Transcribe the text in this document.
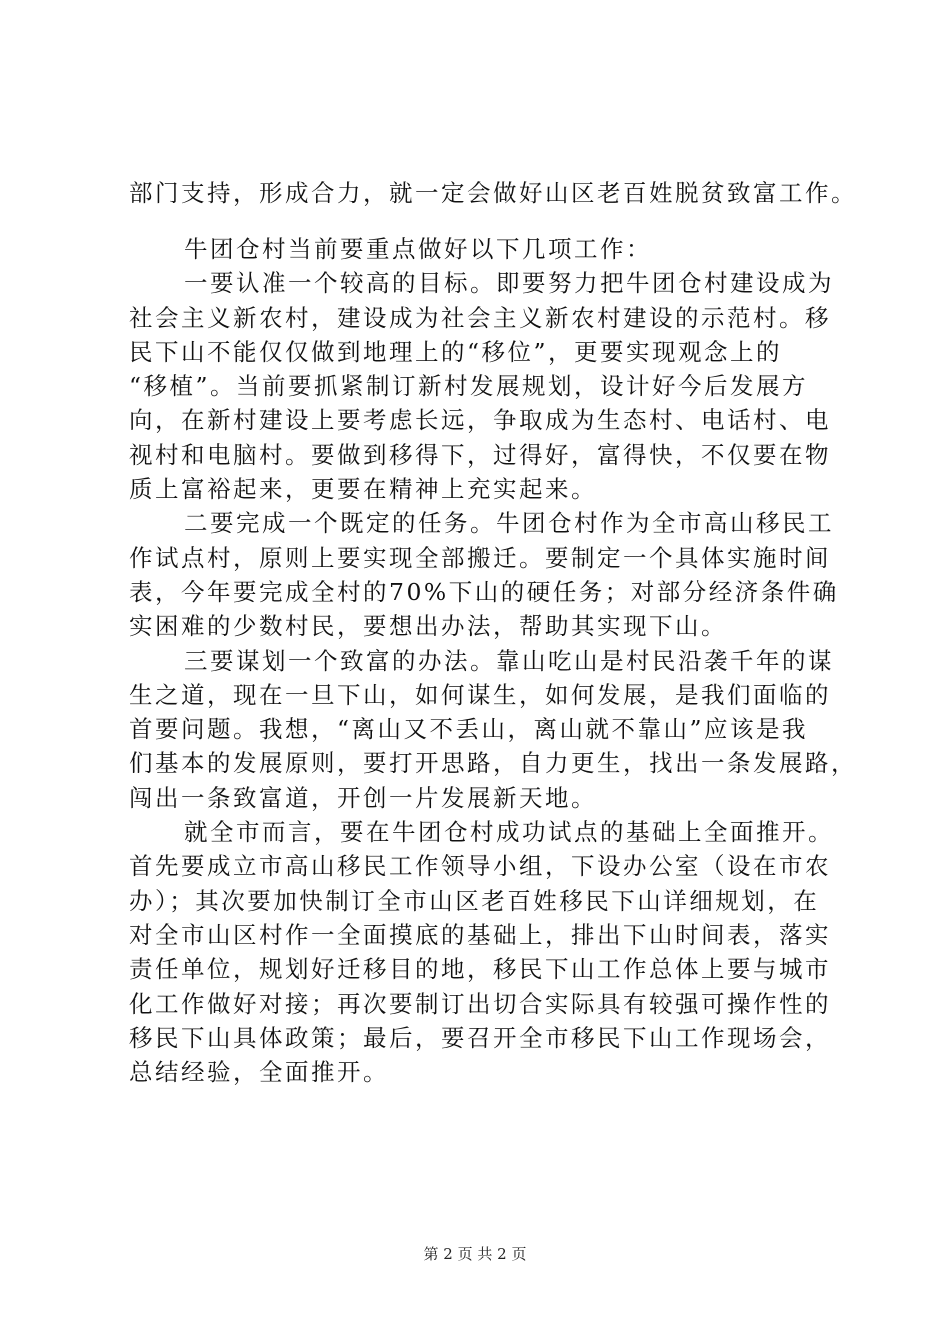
部门支持，形成合力，就一定会做好山区老百姓脱贫致富工作。
牛团仓村当前要重点做好以下几项工作：
一要认准一个较高的目标。即要努力把牛团仓村建设成为
社会主义新农村，建设成为社会主义新农村建设的示范村。移
民下山不能仅仅做到地理上的“移位”，更要实现观念上的
“移植”。当前要抓紧制订新村发展规划，设计好今后发展方
向，在新村建设上要考虑长远，争取成为生态村、电话村、电
视村和电脑村。要做到移得下，过得好，富得快，不仅要在物
质上富裕起来，更要在精神上充实起来。
二要完成一个既定的任务。牛团仓村作为全市高山移民工
作试点村，原则上要实现全部搬迁。要制定一个具体实施时间
表，今年要完成全村的70%下山的硬任务；对部分经济条件确
实困难的少数村民，要想出办法，帮助其实现下山。
三要谋划一个致富的办法。靠山吃山是村民沿袭千年的谋
生之道，现在一旦下山，如何谋生，如何发展，是我们面临的
首要问题。我想，“离山又不丢山，离山就不靠山”应该是我
们基本的发展原则，要打开思路，自力更生，找出一条发展路，
闯出一条致富道，开创一片发展新天地。
就全市而言，要在牛团仓村成功试点的基础上全面推开。
首先要成立市高山移民工作领导小组，下设办公室（设在市农
办）；其次要加快制订全市山区老百姓移民下山详细规划，在
对全市山区村作一全面摸底的基础上，排出下山时间表，落实
责任单位，规划好迁移目的地，移民下山工作总体上要与城市
化工作做好对接；再次要制订出切合实际具有较强可操作性的
移民下山具体政策；最后，要召开全市移民下山工作现场会，
总结经验，全面推开。
第 2 页 共 2 页
